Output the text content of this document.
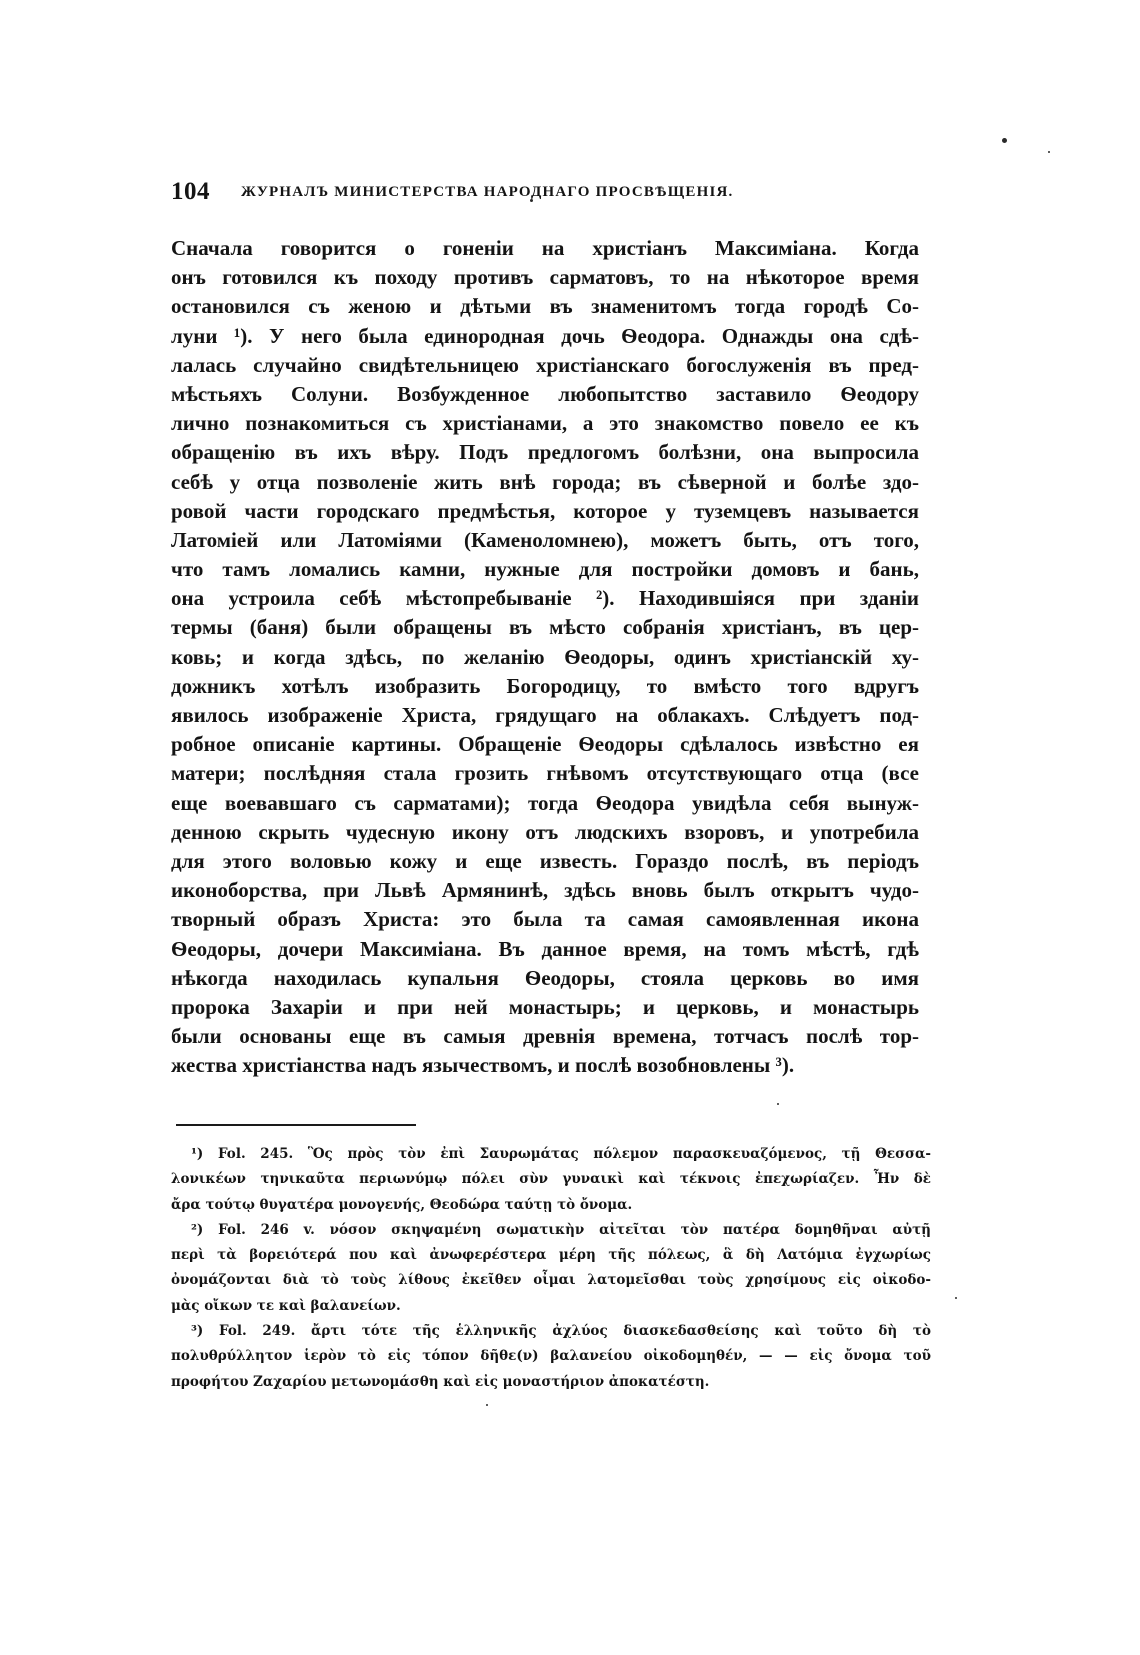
104 ЖУРНАЛЪ МИНИСТЕРСТВА НАРОДНАГО ПРОСВѢЩЕНІЯ.
Сначала говорится о гоненіи на христіанъ Максиміана. Когда
онъ готовился къ походу противъ сарматовъ, то на нѣкоторое время
остановился съ женою и дѣтьми въ знаменитомъ тогда городѣ Со-
луни ¹). У него была единородная дочь Ѳеодора. Однажды она сдѣ-
лалась случайно свидѣтельницею христіанскаго богослуженія въ пред-
мѣстьяхъ Солуни. Возбужденное любопытство заставило Ѳеодору
лично познакомиться съ христіанами, а это знакомство повело ее къ
обращенію въ ихъ вѣру. Подъ предлогомъ болѣзни, она выпросила
себѣ у отца позволеніе жить внѣ города; въ сѣверной и болѣе здо-
ровой части городскаго предмѣстья, которое у туземцевъ называется
Латоміей или Латоміями (Каменоломнею), можетъ быть, отъ того,
что тамъ ломались камни, нужные для постройки домовъ и бань,
она устроила себѣ мѣстопребываніе ²). Находившіяся при зданіи
термы (баня) были обращены въ мѣсто собранія христіанъ, въ цер-
ковь; и когда здѣсь, по желанію Ѳеодоры, одинъ христіанскій ху-
дожникъ хотѣлъ изобразить Богородицу, то вмѣсто того вдругъ
явилось изображеніе Христа, грядущаго на облакахъ. Слѣдуетъ под-
робное описаніе картины. Обращеніе Ѳеодоры сдѣлалось извѣстно ея
матери; послѣдняя стала грозить гнѣвомъ отсутствующаго отца (все
еще воевавшаго съ сарматами); тогда Ѳеодора увидѣла себя вынуж-
денною скрыть чудесную икону отъ людскихъ взоровъ, и употребила
для этого воловью кожу и еще известь. Гораздо послѣ, въ періодъ
иконоборства, при Львѣ Армянинѣ, здѣсь вновь былъ открытъ чудо-
творный образъ Христа: это была та самая самоявленная икона
Ѳеодоры, дочери Максиміана. Въ данное время, на томъ мѣстѣ, гдѣ
нѣкогда находилась купальня Ѳеодоры, стояла церковь во имя
пророка Захаріи и при ней монастырь; и церковь, и монастырь
были основаны еще въ самыя древнія времена, тотчасъ послѣ тор-
жества христіанства надъ язычествомъ, и послѣ возобновлены ³).
¹) Fol. 245. Ὃς πρὸς τὸν ἐπὶ Σαυρωμάτας πόλεμον παρασκευαζόμενος, τῇ Θεσσα-
λονικέων τηνικαῦτα περιωνύμῳ πόλει σὺν γυναικὶ καὶ τέκνοις ἐπεχωρίαζεν. Ἦν δὲ
ἄρα τούτῳ θυγατέρα μονογενής, Θεοδώρα ταύτῃ τὸ ὄνομα.
²) Fol. 246 v. νόσον σκηψαμένη σωματικὴν αἰτεῖται τὸν πατέρα δομηθῆναι αὐτῇ
περὶ τὰ βορειότερά που καὶ ἀνωφερέστερα μέρη τῆς πόλεως, ἃ δὴ Λατόμια ἐγχωρίως
ὀνομάζονται διὰ τὸ τοὺς λίθους ἐκεῖθεν οἶμαι λατομεῖσθαι τοὺς χρησίμους εἰς οἰκοδο-
μὰς οἴκων τε καὶ βαλανείων.
³) Fol. 249. ἄρτι τότε τῆς ἑλληνικῆς ἀχλύος διασκεδασθείσης καὶ τοῦτο δὴ τὸ
πολυθρύλλητον ἱερὸν τὸ εἰς τόπον δῆθε(ν) βαλανείου οἰκοδομηθέν, — — εἰς ὄνομα τοῦ
προφήτου Ζαχαρίου μετωνομάσθη καὶ εἰς μοναστήριον ἀποκατέστη.
